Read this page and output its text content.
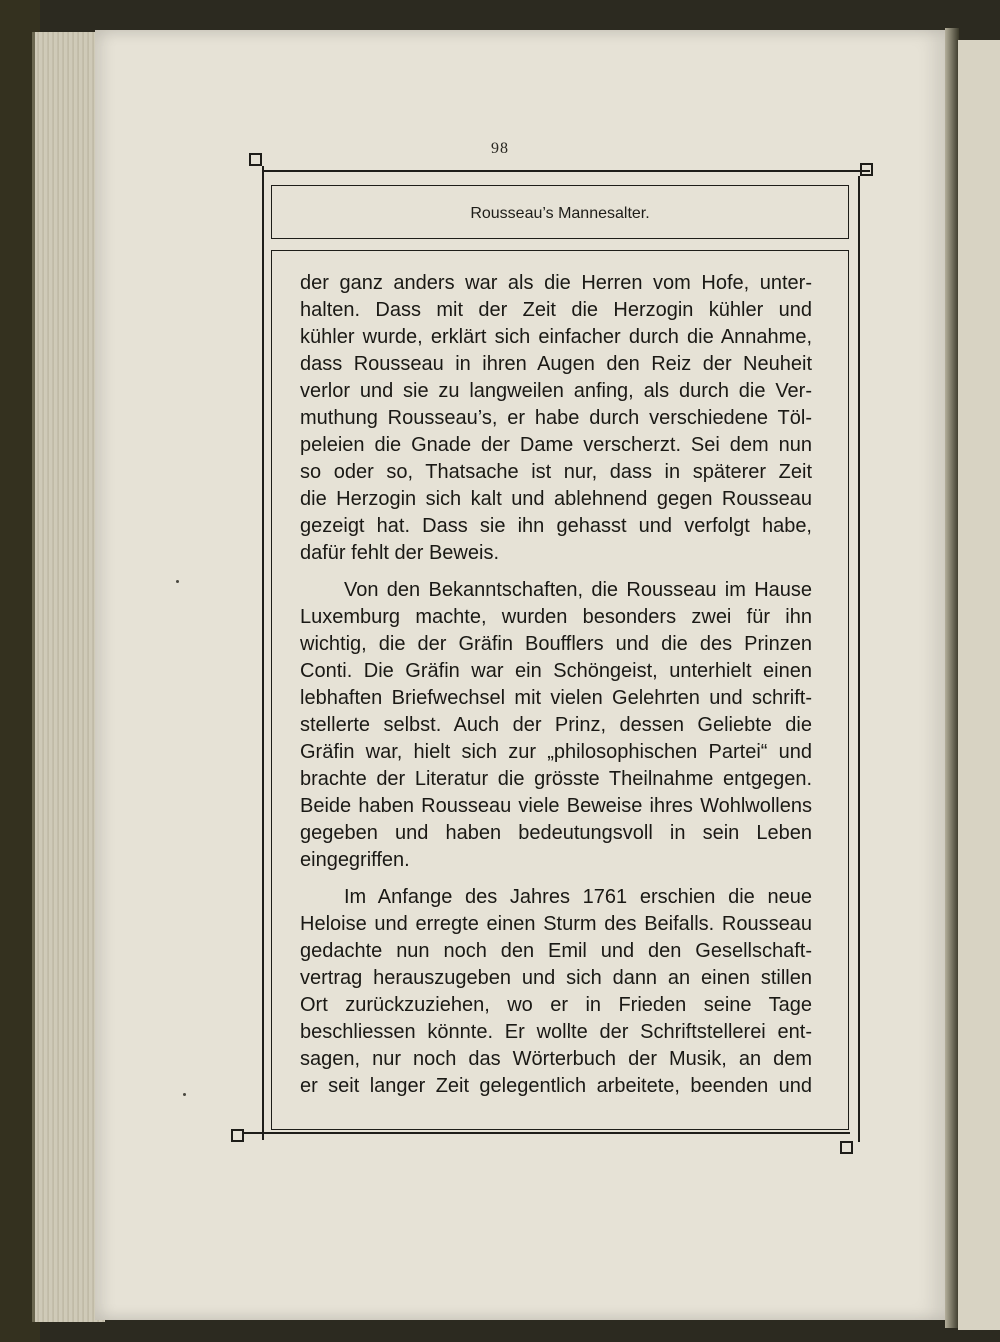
98
Rousseau’s Mannesalter.

der ganz anders war als die Herren vom Hofe, unter-
halten. Dass mit der Zeit die Herzogin kühler und
kühler wurde, erklärt sich einfacher durch die Annahme,
dass Rousseau in ihren Augen den Reiz der Neuheit
verlor und sie zu langweilen anfing, als durch die Ver-
muthung Rousseau’s, er habe durch verschiedene Töl-
peleien die Gnade der Dame verscherzt. Sei dem nun
so oder so, Thatsache ist nur, dass in späterer Zeit
die Herzogin sich kalt und ablehnend gegen Rousseau
gezeigt hat. Dass sie ihn gehasst und verfolgt habe,
dafür fehlt der Beweis.

Von den Bekanntschaften, die Rousseau im Hause
Luxemburg machte, wurden besonders zwei für ihn
wichtig, die der Gräfin Boufflers und die des Prinzen
Conti. Die Gräfin war ein Schöngeist, unterhielt einen
lebhaften Briefwechsel mit vielen Gelehrten und schrift-
stellerte selbst. Auch der Prinz, dessen Geliebte die
Gräfin war, hielt sich zur „philosophischen Partei“ und
brachte der Literatur die grösste Theilnahme entgegen.
Beide haben Rousseau viele Beweise ihres Wohlwollens
gegeben und haben bedeutungsvoll in sein Leben
eingegriffen.

Im Anfange des Jahres 1761 erschien die neue
Heloise und erregte einen Sturm des Beifalls. Rousseau
gedachte nun noch den Emil und den Gesellschaft-
vertrag herauszugeben und sich dann an einen stillen
Ort zurückzuziehen, wo er in Frieden seine Tage
beschliessen könnte. Er wollte der Schriftstellerei ent-
sagen, nur noch das Wörterbuch der Musik, an dem
er seit langer Zeit gelegentlich arbeitete, beenden und
